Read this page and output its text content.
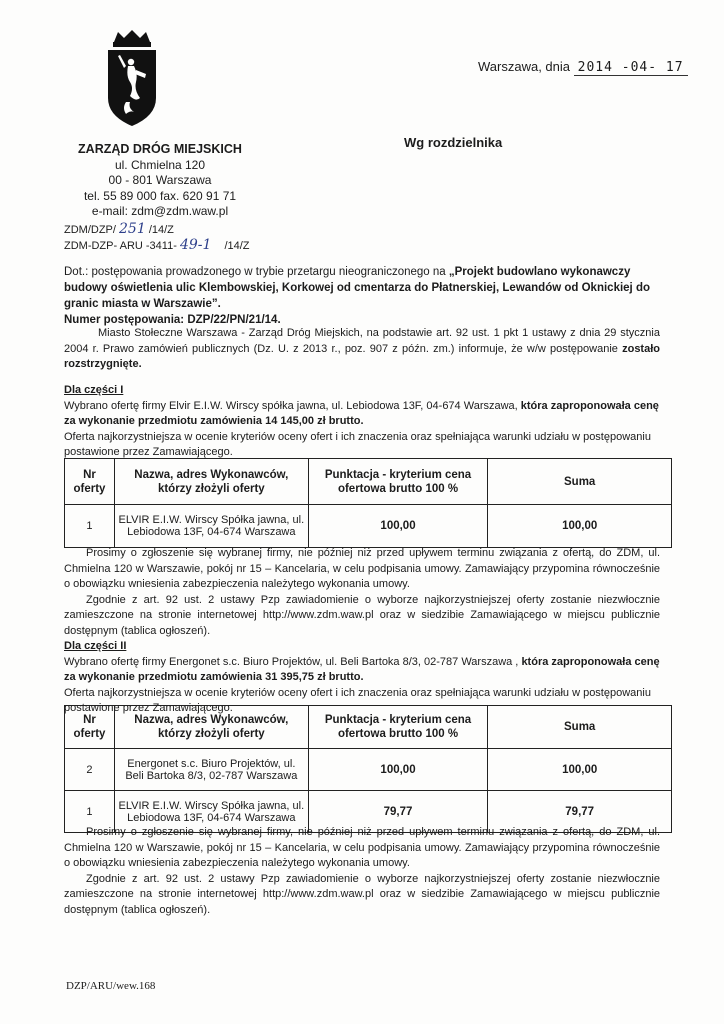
ZARZĄD DRÓG MIEJSKICH
ul. Chmielna 120
00 - 801 Warszawa
tel. 55 89 000 fax. 620 91 71
e-mail: zdm@zdm.waw.pl
Warszawa, dnia 2014 -04- 17
Wg rozdzielnika
ZDM/DZP/ 251 /14/Z
ZDM-DZP- ARU -3411- 49-1 /14/Z
Dot.: postępowania prowadzonego w trybie przetargu nieograniczonego na „Projekt budowlano wykonawczy budowy oświetlenia ulic Klembowskiej, Korkowej od cmentarza do Płatnerskiej, Lewandów od Oknickiej do granic miasta w Warszawie”.
Numer postępowania: DZP/22/PN/21/14.
Miasto Stołeczne Warszawa - Zarząd Dróg Miejskich, na podstawie art. 92 ust. 1 pkt 1 ustawy z dnia 29 stycznia 2004 r. Prawo zamówień publicznych (Dz. U. z 2013 r., poz. 907 z późn. zm.) informuje, że w/w postępowanie zostało rozstrzygnięte.
Dla części I
Wybrano ofertę firmy Elvir E.I.W. Wirscy spółka jawna, ul. Lebiodowa 13F, 04-674 Warszawa, która zaproponowała cenę za wykonanie przedmiotu zamówienia 14 145,00 zł brutto.
Oferta najkorzystniejsza w ocenie kryteriów oceny ofert i ich znaczenia oraz spełniająca warunki udziału w postępowaniu postawione przez Zamawiającego.
Nr oferty	Nazwa, adres Wykonawców, którzy złożyli oferty	Punktacja - kryterium cena ofertowa brutto 100 %	Suma
1	ELVIR E.I.W. Wirscy Spółka jawna, ul. Lebiodowa 13F, 04-674 Warszawa	100,00	100,00
Prosimy o zgłoszenie się wybranej firmy, nie później niż przed upływem terminu związania z ofertą, do ZDM, ul. Chmielna 120 w Warszawie, pokój nr 15 – Kancelaria, w celu podpisania umowy. Zamawiający przypomina równocześnie o obowiązku wniesienia zabezpieczenia należytego wykonania umowy.
Zgodnie z art. 92 ust. 2 ustawy Pzp zawiadomienie o wyborze najkorzystniejszej oferty zostanie niezwłocznie zamieszczone na stronie internetowej http://www.zdm.waw.pl oraz w siedzibie Zamawiającego w miejscu publicznie dostępnym (tablica ogłoszeń).
Dla części II
Wybrano ofertę firmy Energonet s.c. Biuro Projektów, ul. Beli Bartoka 8/3, 02-787 Warszawa , która zaproponowała cenę za wykonanie przedmiotu zamówienia 31 395,75 zł brutto.
Oferta najkorzystniejsza w ocenie kryteriów oceny ofert i ich znaczenia oraz spełniająca warunki udziału w postępowaniu postawione przez Zamawiającego.
Nr oferty	Nazwa, adres Wykonawców, którzy złożyli oferty	Punktacja - kryterium cena ofertowa brutto 100 %	Suma
2	Energonet s.c. Biuro Projektów, ul. Beli Bartoka 8/3, 02-787 Warszawa	100,00	100,00
1	ELVIR E.I.W. Wirscy Spółka jawna, ul. Lebiodowa 13F, 04-674 Warszawa	79,77	79,77
Prosimy o zgłoszenie się wybranej firmy, nie później niż przed upływem terminu związania z ofertą, do ZDM, ul. Chmielna 120 w Warszawie, pokój nr 15 – Kancelaria, w celu podpisania umowy. Zamawiający przypomina równocześnie o obowiązku wniesienia zabezpieczenia należytego wykonania umowy.
Zgodnie z art. 92 ust. 2 ustawy Pzp zawiadomienie o wyborze najkorzystniejszej oferty zostanie niezwłocznie zamieszczone na stronie internetowej http://www.zdm.waw.pl oraz w siedzibie Zamawiającego w miejscu publicznie dostępnym (tablica ogłoszeń).
DZP/ARU/wew.168
